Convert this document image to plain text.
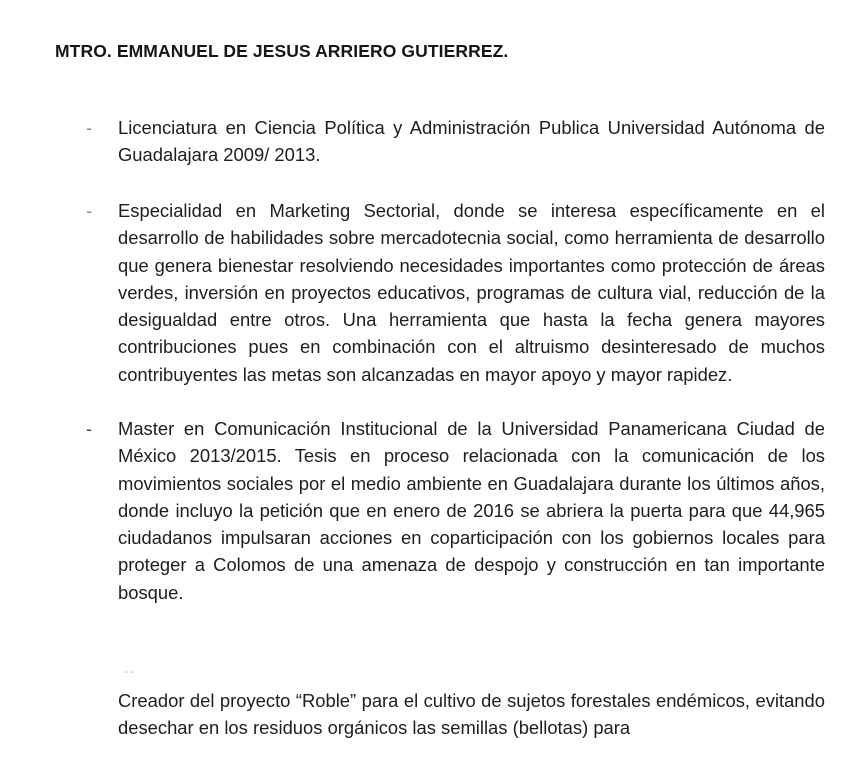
MTRO. EMMANUEL DE JESUS ARRIERO GUTIERREZ.
- Licenciatura en Ciencia Política y Administración Publica Universidad Autónoma de Guadalajara 2009/ 2013.
- Especialidad en Marketing Sectorial, donde se interesa específicamente en el desarrollo de habilidades sobre mercadotecnia social, como herramienta de desarrollo que genera bienestar resolviendo necesidades importantes como protección de áreas verdes, inversión en proyectos educativos, programas de cultura vial, reducción de la desigualdad entre otros. Una herramienta que hasta la fecha genera mayores contribuciones pues en combinación con el altruismo desinteresado de muchos contribuyentes las metas son alcanzadas en mayor apoyo y mayor rapidez.
- Master en Comunicación Institucional de la Universidad Panamericana Ciudad de México 2013/2015. Tesis en proceso relacionada con la comunicación de los movimientos sociales por el medio ambiente en Guadalajara durante los últimos años, donde incluyo la petición que en enero de 2016 se abriera la puerta para que 44,965 ciudadanos impulsaran acciones en coparticipación con los gobiernos locales para proteger a Colomos de una amenaza de despojo y construcción en tan importante bosque.
--
Creador del proyecto “Roble” para el cultivo de sujetos forestales endémicos, evitando desechar en los residuos orgánicos las semillas (bellotas) para
